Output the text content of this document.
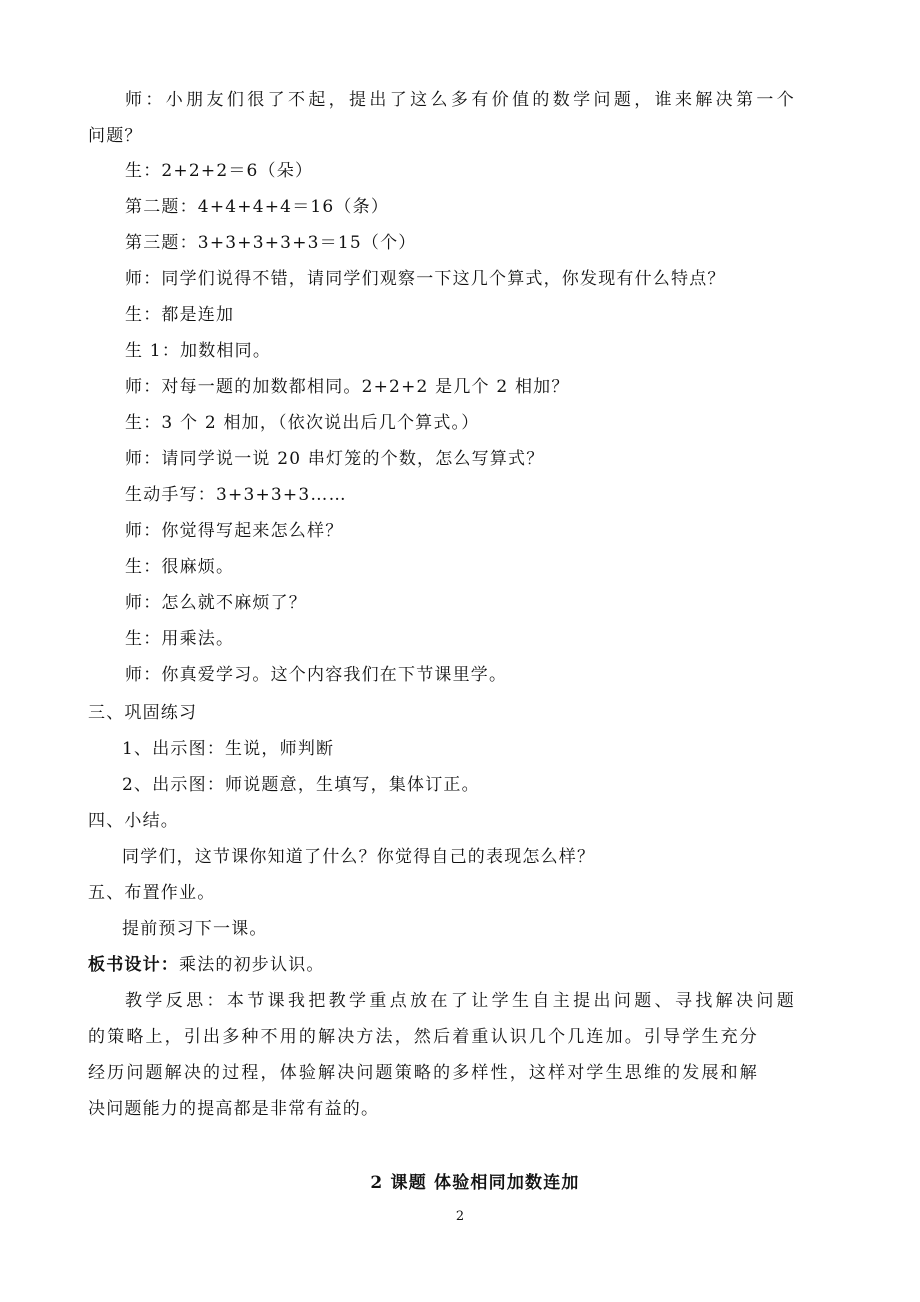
师：小朋友们很了不起，提出了这么多有价值的数学问题，谁来解决第一个
问题？
生：2+2+2＝6（朵）
第二题：4+4+4+4＝16（条）
第三题：3+3+3+3+3＝15（个）
师：同学们说得不错，请同学们观察一下这几个算式，你发现有什么特点？
生：都是连加
生 1：加数相同。
师：对每一题的加数都相同。2+2+2 是几个 2 相加？
生：3 个 2 相加，（依次说出后几个算式。）
师：请同学说一说 20 串灯笼的个数，怎么写算式？
生动手写：3+3+3+3……
师：你觉得写起来怎么样？
生：很麻烦。
师：怎么就不麻烦了？
生：用乘法。
师：你真爱学习。这个内容我们在下节课里学。
三、巩固练习
1、出示图：生说，师判断
2、出示图：师说题意，生填写，集体订正。
四、小结。
同学们，这节课你知道了什么？你觉得自己的表现怎么样？
五、布置作业。
提前预习下一课。
板书设计：乘法的初步认识。
教学反思：本节课我把教学重点放在了让学生自主提出问题、寻找解决问题
的策略上，引出多种不用的解决方法，然后着重认识几个几连加。引导学生充分
经历问题解决的过程，体验解决问题策略的多样性，这样对学生思维的发展和解
决问题能力的提高都是非常有益的。
2 课题 体验相同加数连加
2
